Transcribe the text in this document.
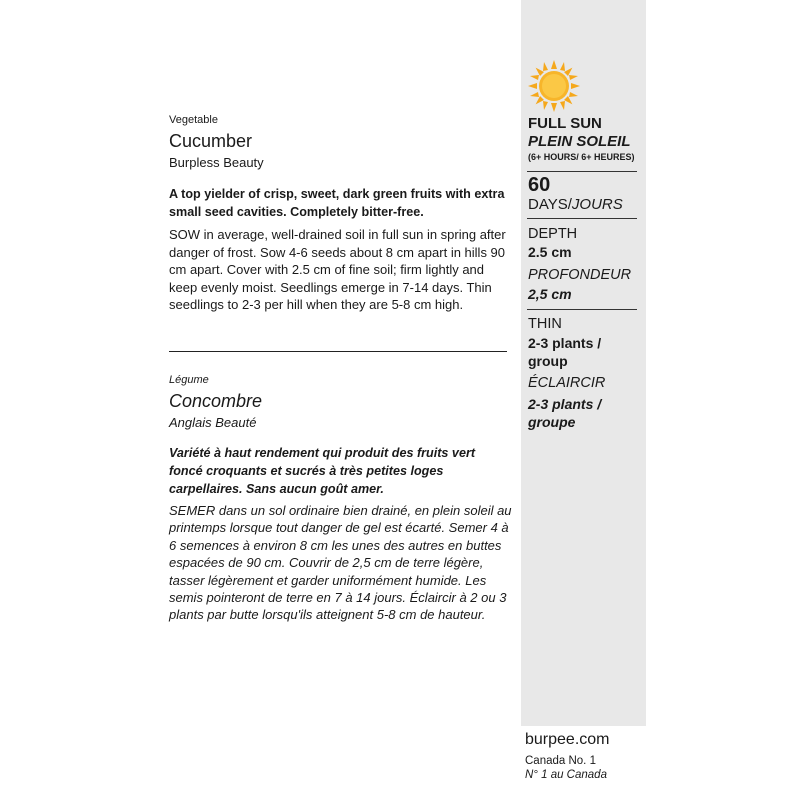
Vegetable
Cucumber
Burpless Beauty
A top yielder of crisp, sweet, dark green fruits with extra small seed cavities. Completely bitter-free.
SOW in average, well-drained soil in full sun in spring after danger of frost. Sow 4-6 seeds about 8 cm apart in hills 90 cm apart. Cover with 2.5 cm of fine soil; firm lightly and keep evenly moist. Seedlings emerge in 7-14 days. Thin seedlings to 2-3 per hill when they are 5-8 cm high.
Légume
Concombre
Anglais Beauté
Variété à haut rendement qui produit des fruits vert foncé croquants et sucrés à très petites loges carpellaires. Sans aucun goût amer.
SEMER dans un sol ordinaire bien drainé, en plein soleil au printemps lorsque tout danger de gel est écarté. Semer 4 à 6 semences à environ 8 cm les unes des autres en buttes espacées de 90 cm. Couvrir de 2,5 cm de terre légère, tasser légèrement et garder uniformément humide. Les semis pointeront de terre en 7 à 14 jours. Éclaircir à 2 ou 3 plants par butte lorsqu'ils atteignent 5-8 cm de hauteur.
FULL SUN
PLEIN SOLEIL
(6+ HOURS/ 6+ HEURES)
60
DAYS/JOURS
DEPTH
2.5 cm
PROFONDEUR
2,5 cm
THIN
2-3 plants / group
ÉCLAIRCIR
2-3 plants / groupe
burpee.com
Canada No. 1
N° 1 au Canada
